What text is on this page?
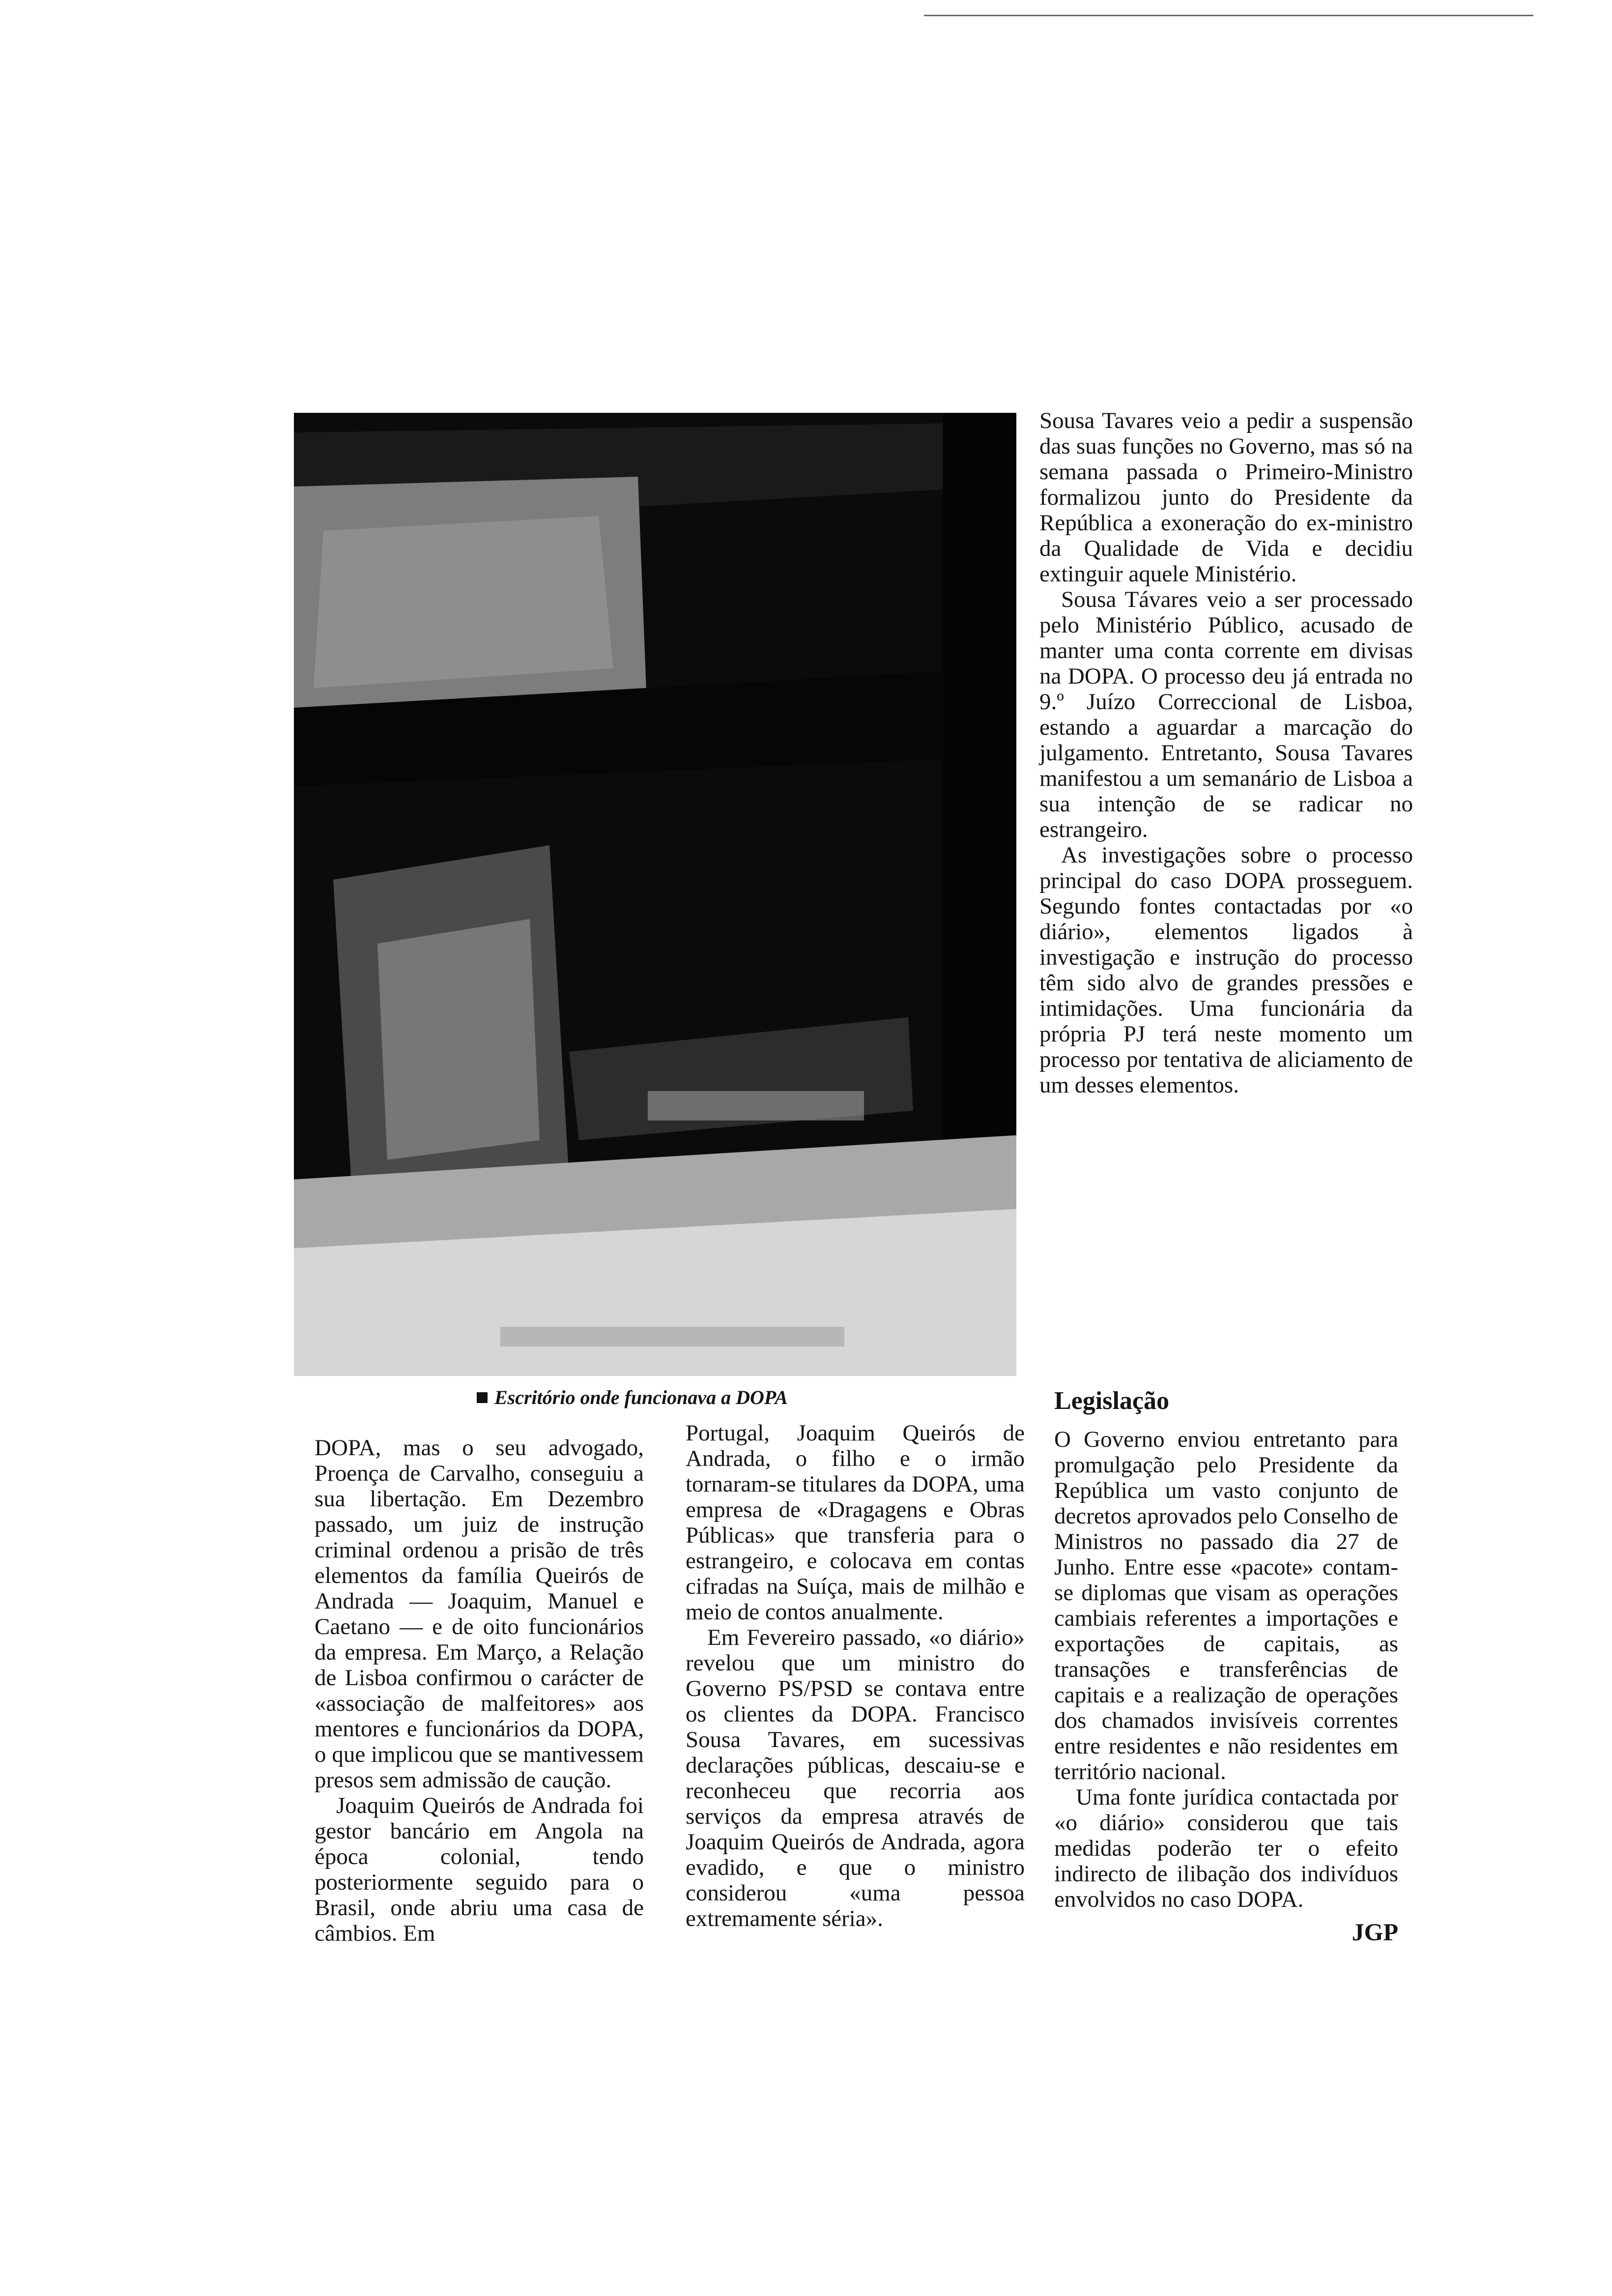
Escritório onde funcionava a DOPA

Sousa Tavares veio a pedir a suspensão das suas funções no Governo, mas só na semana passada o Primeiro-Ministro formalizou junto do Presidente da República a exoneração do ex-ministro da Qualidade de Vida e decidiu extinguir aquele Ministério.

Sousa Távares veio a ser processado pelo Ministério Público, acusado de manter uma conta corrente em divisas na DOPA. O processo deu já entrada no 9.º Juízo Correccional de Lisboa, estando a aguardar a marcação do julgamento. Entretanto, Sousa Tavares manifestou a um semanário de Lisboa a sua intenção de se radicar no estrangeiro.

As investigações sobre o processo principal do caso DOPA prosseguem. Segundo fontes contactadas por «o diário», elementos ligados à investigação e instrução do processo têm sido alvo de grandes pressões e intimidações. Uma funcionária da própria PJ terá neste momento um processo por tentativa de aliciamento de um desses elementos.

DOPA, mas o seu advogado, Proença de Carvalho, conseguiu a sua libertação. Em Dezembro passado, um juiz de instrução criminal ordenou a prisão de três elementos da família Queirós de Andrada — Joaquim, Manuel e Caetano — e de oito funcionários da empresa. Em Março, a Relação de Lisboa confirmou o carácter de «associação de malfeitores» aos mentores e funcionários da DOPA, o que implicou que se mantivessem presos sem admissão de caução.

Joaquim Queirós de Andrada foi gestor bancário em Angola na época colonial, tendo posteriormente seguido para o Brasil, onde abriu uma casa de câmbios. Em

Portugal, Joaquim Queirós de Andrada, o filho e o irmão tornaram-se titulares da DOPA, uma empresa de «Dragagens e Obras Públicas» que transferia para o estrangeiro, e colocava em contas cifradas na Suíça, mais de milhão e meio de contos anualmente.

Em Fevereiro passado, «o diário» revelou que um ministro do Governo PS/PSD se contava entre os clientes da DOPA. Francisco Sousa Tavares, em sucessivas declarações públicas, descaiu-se e reconheceu que recorria aos serviços da empresa através de Joaquim Queirós de Andrada, agora evadido, e que o ministro considerou «uma pessoa extremamente séria».

Legislação

O Governo enviou entretanto para promulgação pelo Presidente da República um vasto conjunto de decretos aprovados pelo Conselho de Ministros no passado dia 27 de Junho. Entre esse «pacote» contam-se diplomas que visam as operações cambiais referentes a importações e exportações de capitais, as transações e transferências de capitais e a realização de operações dos chamados invisíveis correntes entre residentes e não residentes em território nacional.

Uma fonte jurídica contactada por «o diário» considerou que tais medidas poderão ter o efeito indirecto de ilibação dos indivíduos envolvidos no caso DOPA.

JGP
